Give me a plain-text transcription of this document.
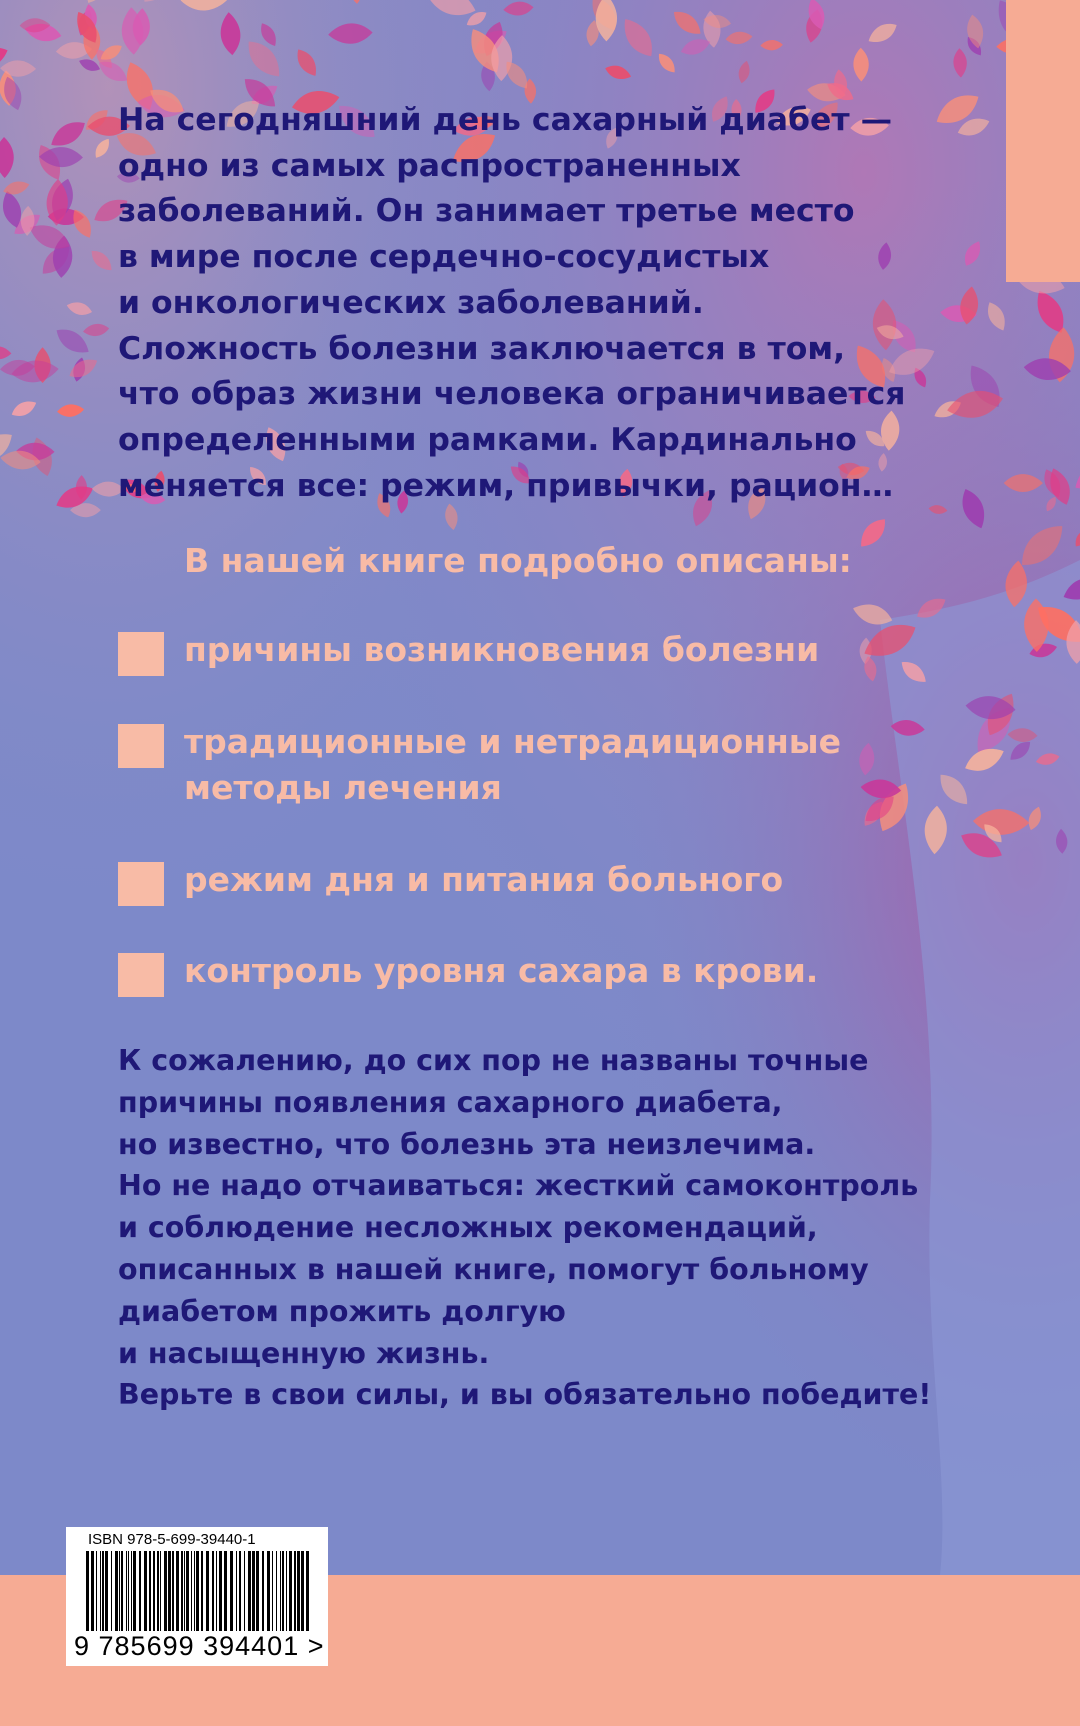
На сегодняшний день сахарный диабет —
одно из самых распространенных
заболеваний. Он занимает третье место
в мире после сердечно-сосудистых
и онкологических заболеваний.
Сложность болезни заключается в том,
что образ жизни человека ограничивается
определенными рамками. Кардинально
меняется все: режим, привычки, рацион…
В нашей книге подробно описаны:
причины возникновения болезни
традиционные и нетрадиционные
методы лечения
режим дня и питания больного
контроль уровня сахара в крови.
К сожалению, до сих пор не названы точные
причины появления сахарного диабета,
но известно, что болезнь эта неизлечима.
Но не надо отчаиваться: жесткий самоконтроль
и соблюдение несложных рекомендаций,
описанных в нашей книге, помогут больному
диабетом прожить долгую
и насыщенную жизнь.
Верьте в свои силы, и вы обязательно победите!
ISBN 978-5-699-39440-1
9 785699 394401 >
